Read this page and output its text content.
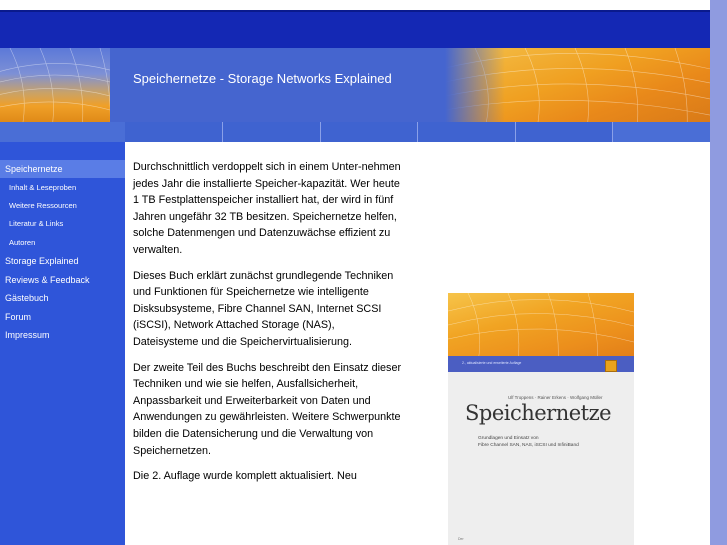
Speichernetze - Storage Networks Explained
Speichernetze
Inhalt & Leseproben
Weitere Ressourcen
Literatur & Links
Autoren
Storage Explained
Reviews & Feedback
Gästebuch
Forum
Impressum

Durchschnittlich verdoppelt sich in einem Unter-nehmen jedes Jahr die installierte Speicher-kapazität. Wer heute 1 TB Festplattenspeicher installiert hat, der wird in fünf Jahren ungefähr 32 TB besitzen. Speichernetze helfen, solche Datenmengen und Datenzuwächse effizient zu verwalten.

Dieses Buch erklärt zunächst grundlegende Techniken und Funktionen für Speichernetze wie intelligente Disksubsysteme, Fibre Channel SAN, Internet SCSI (iSCSI), Network Attached Storage (NAS), Dateisysteme und die Speichervirtualisierung.

Der zweite Teil des Buchs beschreibt den Einsatz dieser Techniken und wie sie helfen, Ausfallsicherheit, Anpassbarkeit und Erweiterbarkeit von Daten und Anwendungen zu gewährleisten. Weitere Schwerpunkte bilden die Datensicherung und die Verwaltung von Speichernetzen.

Die 2. Auflage wurde komplett aktualisiert. Neu

2., aktualisierte und erweiterte Auflage
Ulf Troppens · Rainer Erkens · Wolfgang Müller
Speichernetze
Grundlagen und Einsatz von
Fibre Channel SAN, NAS, iSCSI und InfiniBand
Der
